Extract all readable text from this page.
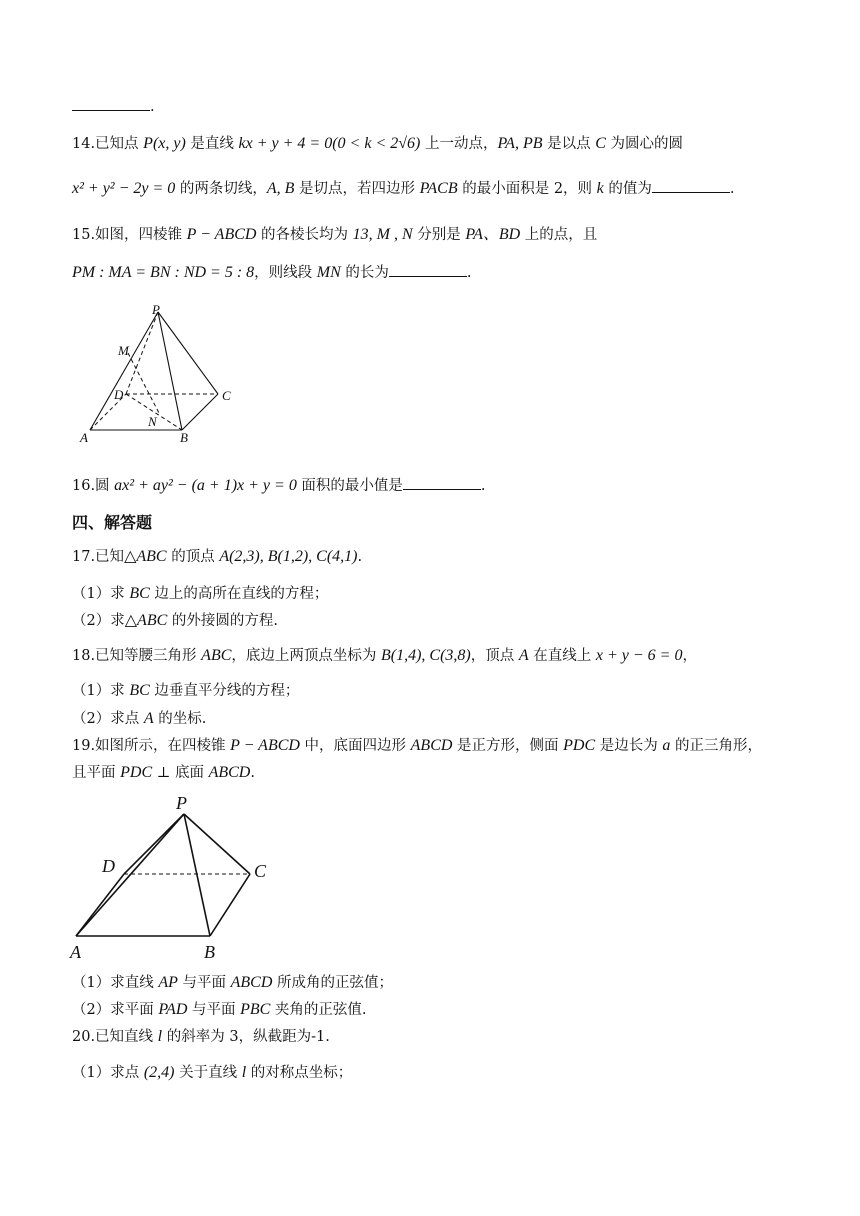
.
14.已知点 P(x, y) 是直线 kx + y + 4 = 0(0 < k < 2√6) 上一动点，PA, PB 是以点 C 为圆心的圆
x² + y² − 2y = 0 的两条切线，A, B 是切点，若四边形 PACB 的最小面积是 2，则 k 的值为	.
15.如图，四棱锥 P − ABCD 的各棱长均为 13, M , N 分别是 PA、BD 上的点，且
PM : MA = BN : ND = 5 : 8，则线段 MN 的长为	.
P
M
D	C
N
A	B
16.圆 ax² + ay² − (a + 1)x + y = 0 面积的最小值是	.
四、解答题
17.已知△ABC 的顶点 A(2,3), B(1,2), C(4,1).
（1）求 BC 边上的高所在直线的方程；
（2）求△ABC 的外接圆的方程.
18.已知等腰三角形 ABC，底边上两顶点坐标为 B(1,4), C(3,8)，顶点 A 在直线上 x + y − 6 = 0，
（1）求 BC 边垂直平分线的方程；
（2）求点 A 的坐标.
19.如图所示，在四棱锥 P − ABCD 中，底面四边形 ABCD 是正方形，侧面 PDC 是边长为 a 的正三角形，
且平面 PDC ⊥ 底面 ABCD.
P
D	C
A	B
（1）求直线 AP 与平面 ABCD 所成角的正弦值；
（2）求平面 PAD 与平面 PBC 夹角的正弦值.
20.已知直线 l 的斜率为 3，纵截距为-1.
（1）求点 (2,4) 关于直线 l 的对称点坐标；
